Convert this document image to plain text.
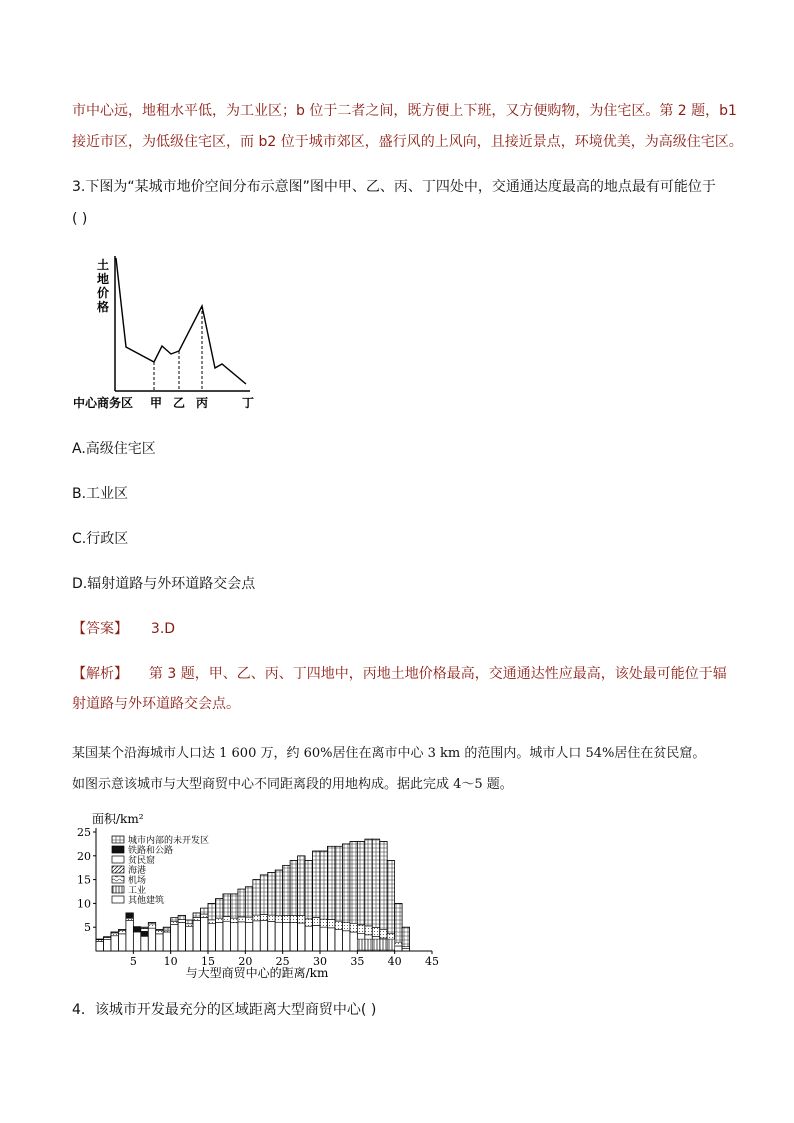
市中心远，地租水平低，为工业区；b 位于二者之间，既方便上下班，又方便购物，为住宅区。第 2 题，b1
接近市区，为低级住宅区，而 b2 位于城市郊区，盛行风的上风向，且接近景点，环境优美，为高级住宅区。
3.下图为“某城市地价空间分布示意图”图中甲、乙、丙、丁四处中，交通通达度最高的地点最有可能位于
( )
土
地
价
格
中心商务区 甲 乙 丙	丁
A.高级住宅区
B.工业区
C.行政区
D.辐射道路与外环道路交会点
【答案】 3.D
【解析】 第 3 题，甲、乙、丙、丁四地中，丙地土地价格最高，交通通达性应最高，该处最可能位于辐
射道路与外环道路交会点。
某国某个沿海城市人口达 1 600 万，约 60%居住在离市中心 3 km 的范围内。城市人口 54%居住在贫民窟。
如图示意该城市与大型商贸中心不同距离段的用地构成。据此完成 4～5 题。
5
10
15
20
25
5 10 15 20 25 30 35 40 45
城市内部的未开发区
铁路和公路
贫民窟
海港
机场
工业
其他建筑
面积/km²
与大型商贸中心的距离/km
4．该城市开发最充分的区域距离大型商贸中心( )
